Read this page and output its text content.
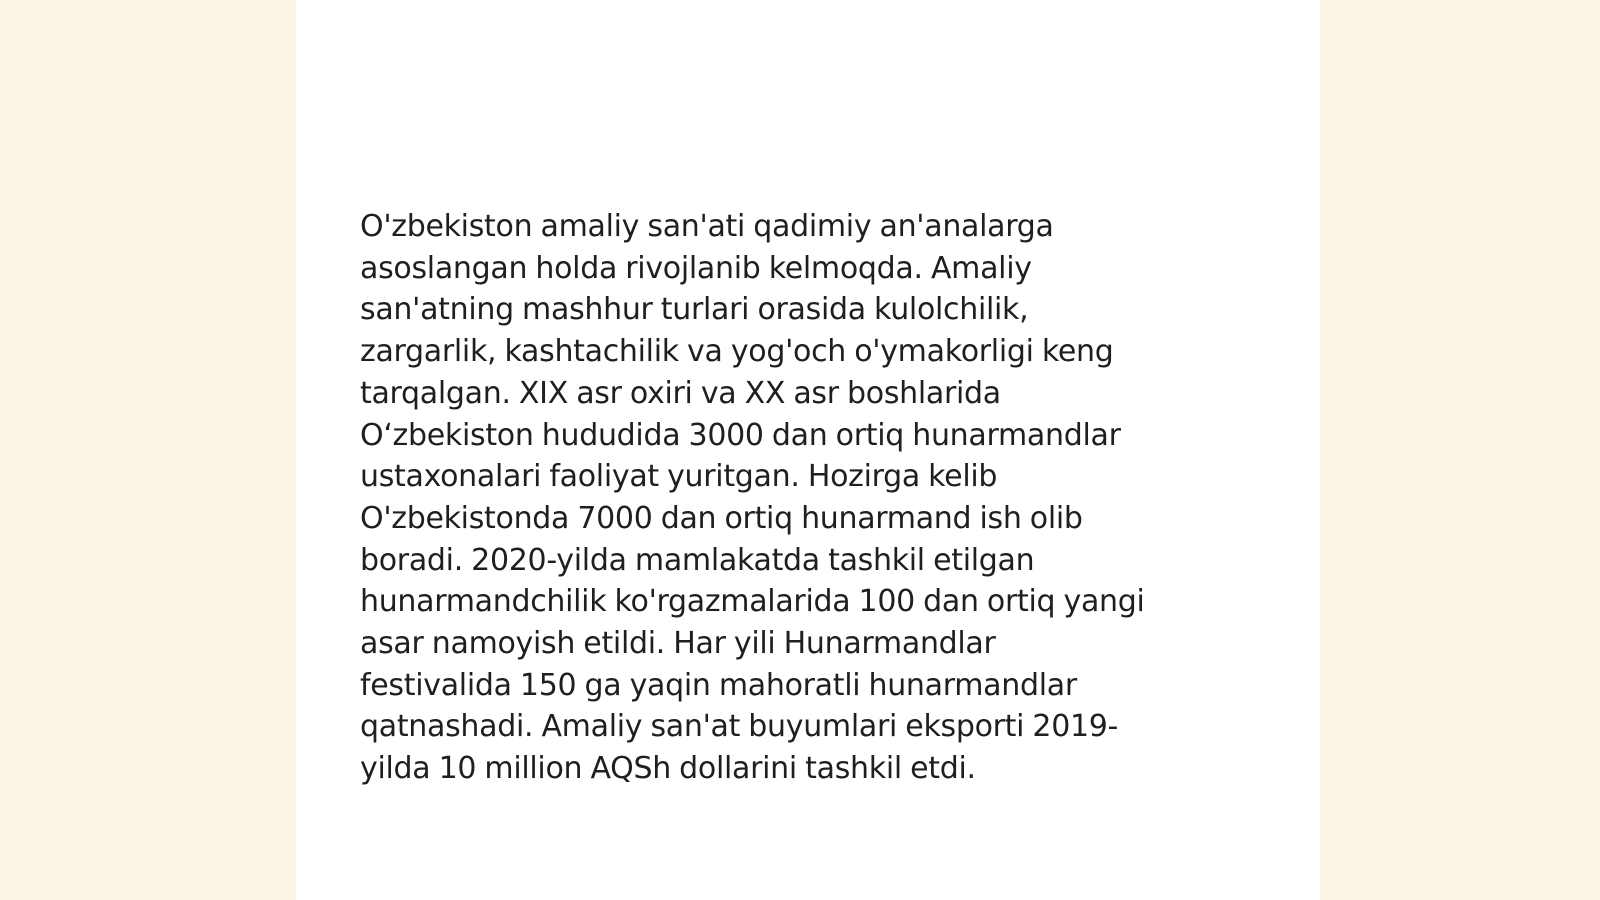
O'zbekiston amaliy san'ati qadimiy an'analarga
asoslangan holda rivojlanib kelmoqda. Amaliy
san'atning mashhur turlari orasida kulolchilik,
zargarlik, kashtachilik va yog'och o'ymakorligi keng
tarqalgan. XIX asr oxiri va XX asr boshlarida
O‘zbekiston hududida 3000 dan ortiq hunarmandlar
ustaxonalari faoliyat yuritgan. Hozirga kelib
O'zbekistonda 7000 dan ortiq hunarmand ish olib
boradi. 2020-yilda mamlakatda tashkil etilgan
hunarmandchilik ko'rgazmalarida 100 dan ortiq yangi
asar namoyish etildi. Har yili Hunarmandlar
festivalida 150 ga yaqin mahoratli hunarmandlar
qatnashadi. Amaliy san'at buyumlari eksporti 2019-
yilda 10 million AQSh dollarini tashkil etdi.
